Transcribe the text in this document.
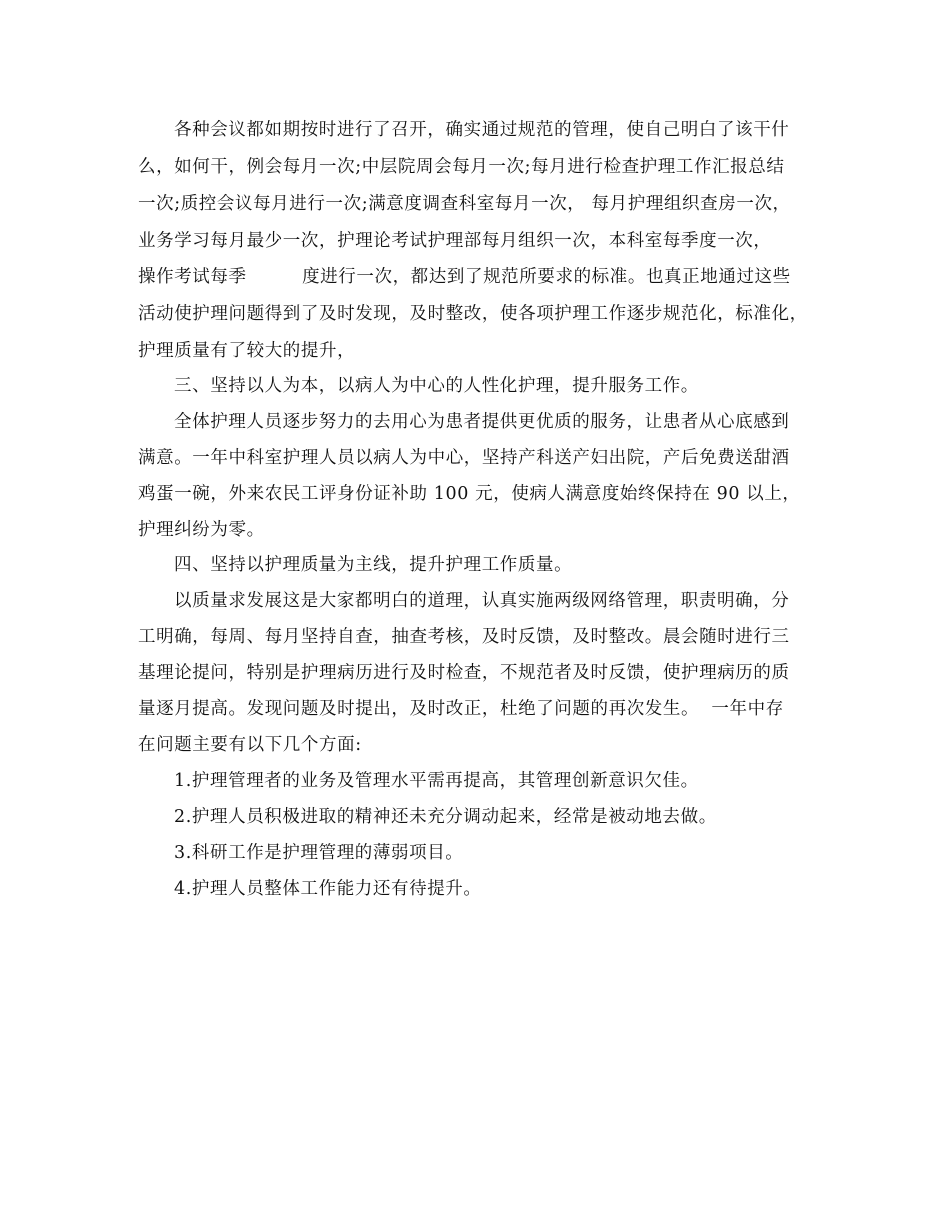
各种会议都如期按时进行了召开，确实通过规范的管理，使自己明白了该干什
么，如何干，例会每月一次;中层院周会每月一次;每月进行检查护理工作汇报总结
一次;质控会议每月进行一次;满意度调查科室每月一次， 每月护理组织查房一次，
业务学习每月最少一次，护理论考试护理部每月组织一次，本科室每季度一次，
操作考试每季         度进行一次，都达到了规范所要求的标准。也真正地通过这些
活动使护理问题得到了及时发现，及时整改，使各项护理工作逐步规范化，标准化，
护理质量有了较大的提升，
三、坚持以人为本，以病人为中心的人性化护理，提升服务工作。
全体护理人员逐步努力的去用心为患者提供更优质的服务，让患者从心底感到
满意。一年中科室护理人员以病人为中心，坚持产科送产妇出院，产后免费送甜酒
鸡蛋一碗，外来农民工评身份证补助 100 元，使病人满意度始终保持在 90 以上，
护理纠纷为零。
四、坚持以护理质量为主线，提升护理工作质量。
以质量求发展这是大家都明白的道理，认真实施两级网络管理，职责明确，分
工明确，每周、每月坚持自查，抽查考核，及时反馈，及时整改。晨会随时进行三
基理论提问，特别是护理病历进行及时检查，不规范者及时反馈，使护理病历的质
量逐月提高。发现问题及时提出，及时改正，杜绝了问题的再次发生。  一年中存
在问题主要有以下几个方面:
1.护理管理者的业务及管理水平需再提高，其管理创新意识欠佳。
2.护理人员积极进取的精神还未充分调动起来，经常是被动地去做。
3.科研工作是护理管理的薄弱项目。
4.护理人员整体工作能力还有待提升。
